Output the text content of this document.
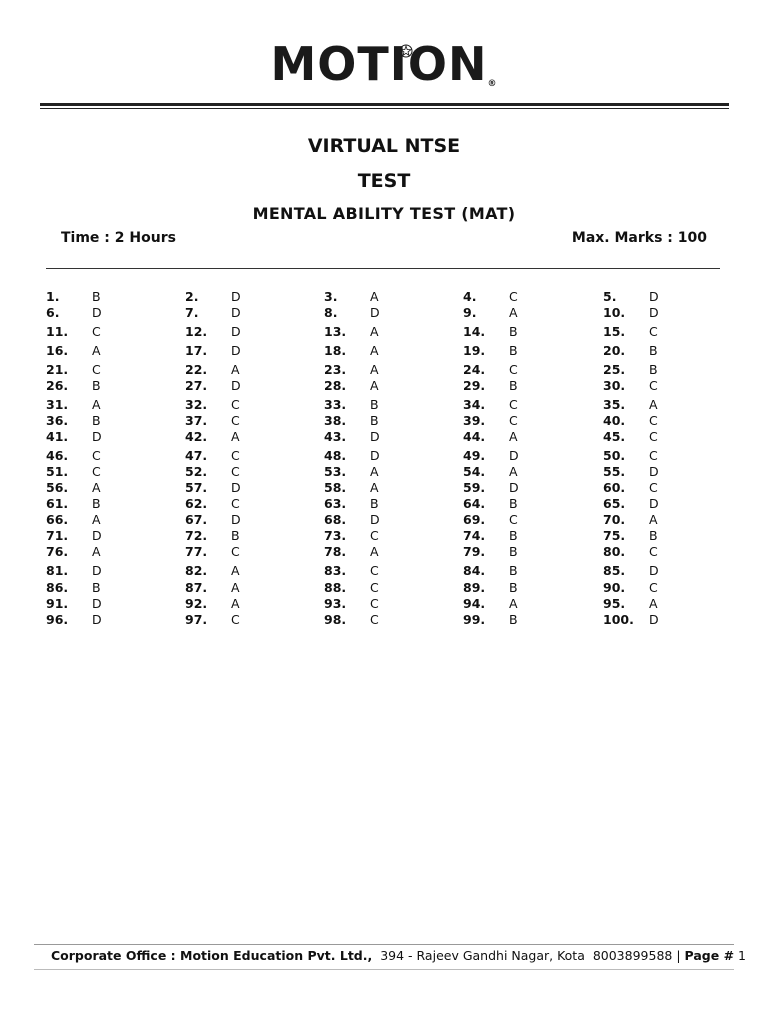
MOTION®
VIRTUAL NTSE
TEST
MENTAL ABILITY TEST (MAT)
Time : 2 Hours	Max. Marks : 100
1.	B	2.	D	3.	A	4.	C	5.	D
6.	D	7.	D	8.	D	9.	A	10. D
11. C	12. D	13. A	14. B	15. C
16. A	17. D	18. A	19. B	20. B
21. C	22. A	23. A	24. C	25. B
26. B	27. D	28. A	29. B	30. C
31. A	32. C	33. B	34. C	35. A
36. B	37. C	38. B	39. C	40. C
41. D	42. A	43. D	44. A	45. C
46. C	47. C	48. D	49. D	50. C
51. C	52. C	53. A	54. A	55. D
56. A	57. D	58. A	59. D	60. C
61. B	62. C	63. B	64. B	65. D
66. A	67. D	68. D	69. C	70. A
71. D	72. B	73. C	74. B	75. B
76. A	77. C	78. A	79. B	80. C
81. D	82. A	83. C	84. B	85. D
86. B	87. A	88. C	89. B	90. C
91. D	92. A	93. C	94. A	95. A
96. D	97. C	98. C	99. B	100. D
Corporate Office : Motion Education Pvt. Ltd., 394 - Rajeev Gandhi Nagar, Kota 8003899588 | Page # 1
